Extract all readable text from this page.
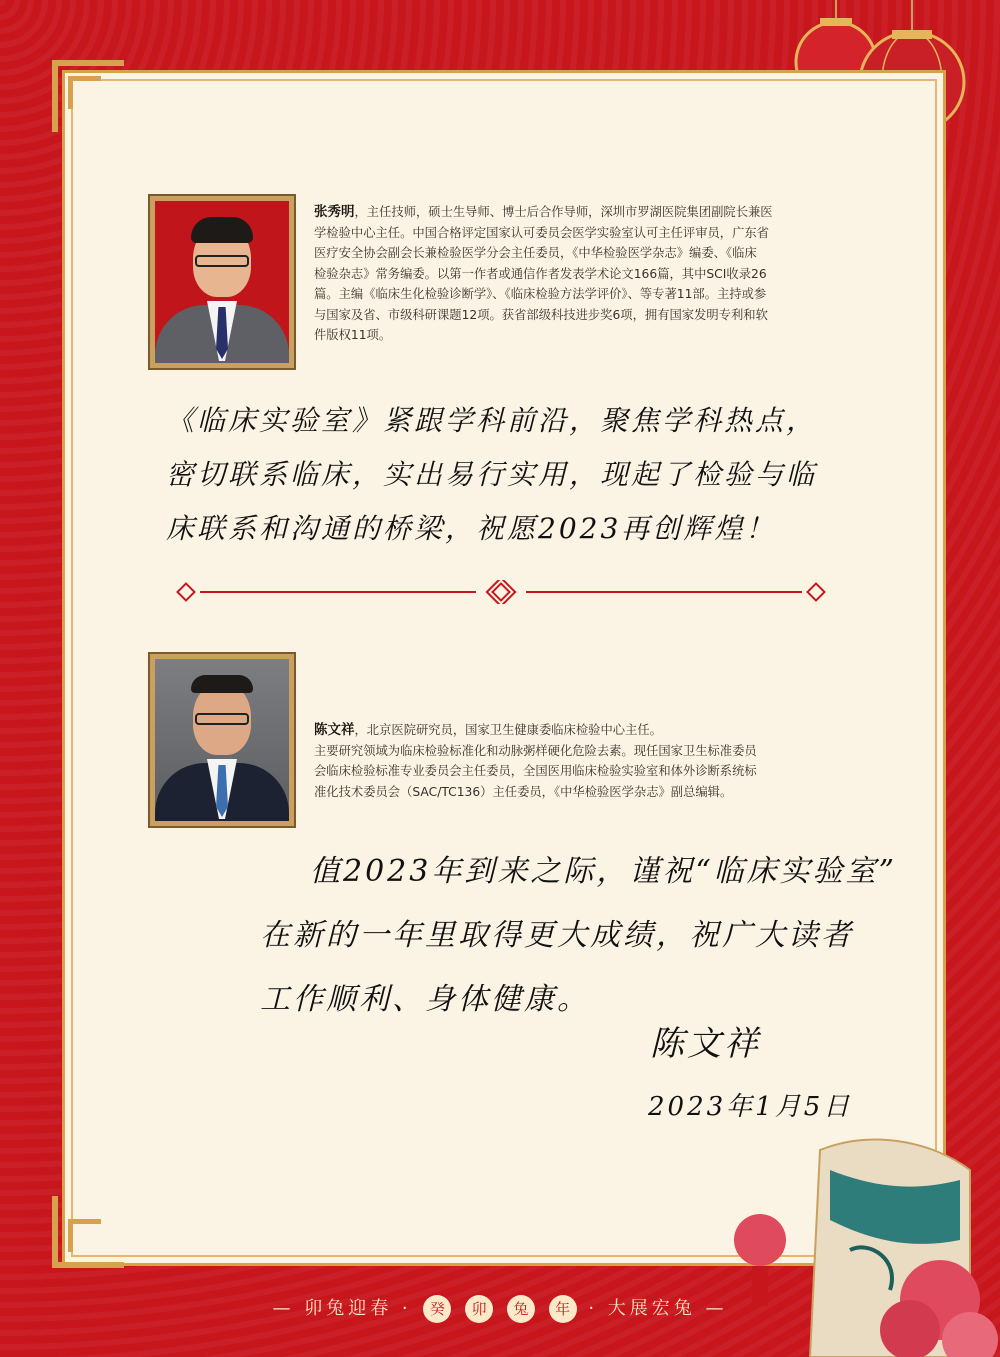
张秀明，主任技师，硕士生导师、博士后合作导师，深圳市罗湖医院集团副院长兼医
学检验中心主任。中国合格评定国家认可委员会医学实验室认可主任评审员，广东省
医疗安全协会副会长兼检验医学分会主任委员，《中华检验医学杂志》编委、《临床
检验杂志》常务编委。以第一作者或通信作者发表学术论文166篇，其中SCI收录26
篇。主编《临床生化检验诊断学》、《临床检验方法学评价》、等专著11部。主持或参
与国家及省、市级科研课题12项。获省部级科技进步奖6项，拥有国家发明专利和软
件版权11项。
《临床实验室》紧跟学科前沿，聚焦学科热点，
密切联系临床，实出易行实用，现起了检验与临
床联系和沟通的桥梁，祝愿2023再创辉煌！
陈文祥，北京医院研究员，国家卫生健康委临床检验中心主任。
主要研究领域为临床检验标准化和动脉粥样硬化危险去素。现任国家卫生标准委员
会临床检验标准专业委员会主任委员，全国医用临床检验实验室和体外诊断系统标
准化技术委员会（SAC/TC136）主任委员，《中华检验医学杂志》副总编辑。
值2023年到来之际，谨祝“临床实验室”
在新的一年里取得更大成绩，祝广大读者
工作顺利、身体健康。
陈文祥
2023年1月5日
— 卯兔迎春 · 癸 卯 兔 年 · 大展宏兔 —
